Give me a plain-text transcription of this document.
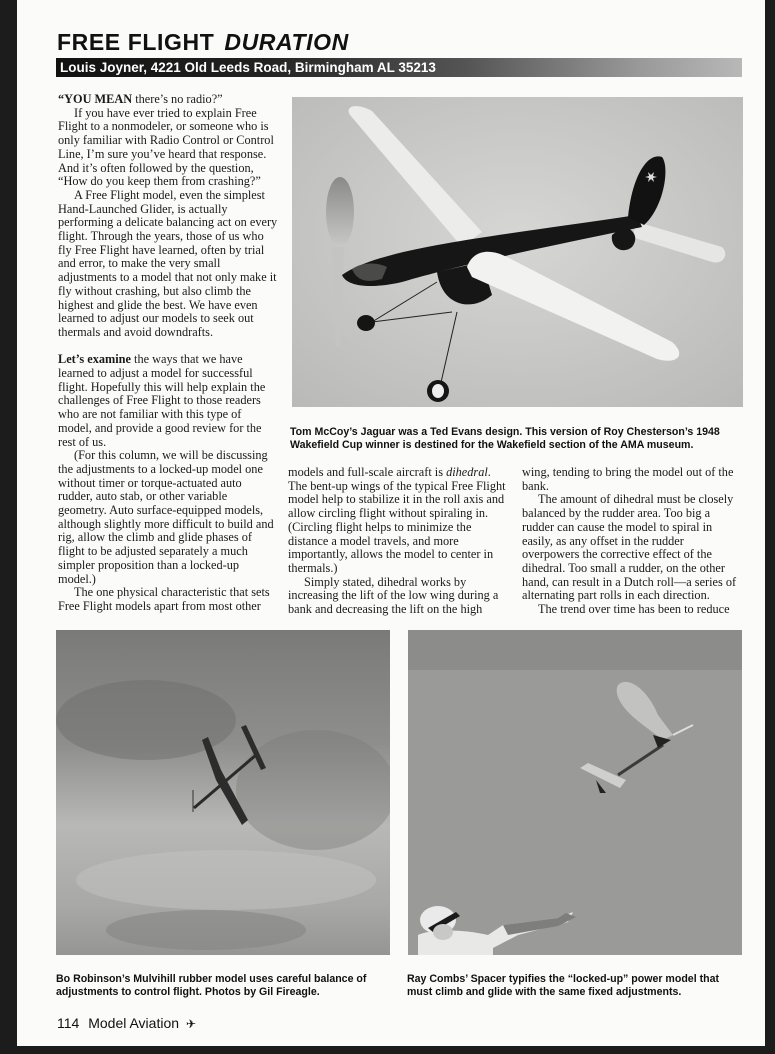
FREE FLIGHT DURATION
Louis Joyner, 4221 Old Leeds Road, Birmingham AL 35213

“YOU MEAN there’s no radio?”

If you have ever tried to explain Free Flight to a nonmodeler, or someone who is only familiar with Radio Control or Control Line, I’m sure you’ve heard that response. And it’s often followed by the question, “How do you keep them from crashing?”

A Free Flight model, even the simplest Hand-Launched Glider, is actually performing a delicate balancing act on every flight. Through the years, those of us who fly Free Flight have learned, often by trial and error, to make the very small adjustments to a model that not only make it fly without crashing, but also climb the highest and glide the best. We have even learned to adjust our models to seek out thermals and avoid downdrafts.

Let’s examine the ways that we have learned to adjust a model for successful flight. Hopefully this will help explain the challenges of Free Flight to those readers who are not familiar with this type of model, and provide a good review for the rest of us.

(For this column, we will be discussing the adjustments to a locked-up model one without timer or torque-actuated auto rudder, auto stab, or other variable geometry. Auto surface-equipped models, although slightly more difficult to build and rig, allow the climb and glide phases of flight to be adjusted separately a much simpler proposition than a locked-up model.)

The one physical characteristic that sets Free Flight models apart from most other

Tom McCoy’s Jaguar was a Ted Evans design. This version of Roy Chesterson’s 1948 Wakefield Cup winner is destined for the Wakefield section of the AMA museum.

models and full-scale aircraft is dihedral. The bent-up wings of the typical Free Flight model help to stabilize it in the roll axis and allow circling flight without spiraling in. (Circling flight helps to minimize the distance a model travels, and more importantly, allows the model to center in thermals.)

Simply stated, dihedral works by increasing the lift of the low wing during a bank and decreasing the lift on the high

wing, tending to bring the model out of the bank.

The amount of dihedral must be closely balanced by the rudder area. Too big a rudder can cause the model to spiral in easily, as any offset in the rudder overpowers the corrective effect of the dihedral. Too small a rudder, on the other hand, can result in a Dutch roll—a series of alternating part rolls in each direction.

The trend over time has been to reduce

Bo Robinson’s Mulvihill rubber model uses careful balance of adjustments to control flight. Photos by Gil Fireagle.
Ray Combs’ Spacer typifies the “locked-up” power model that must climb and glide with the same fixed adjustments.
114 Model Aviation ✈
